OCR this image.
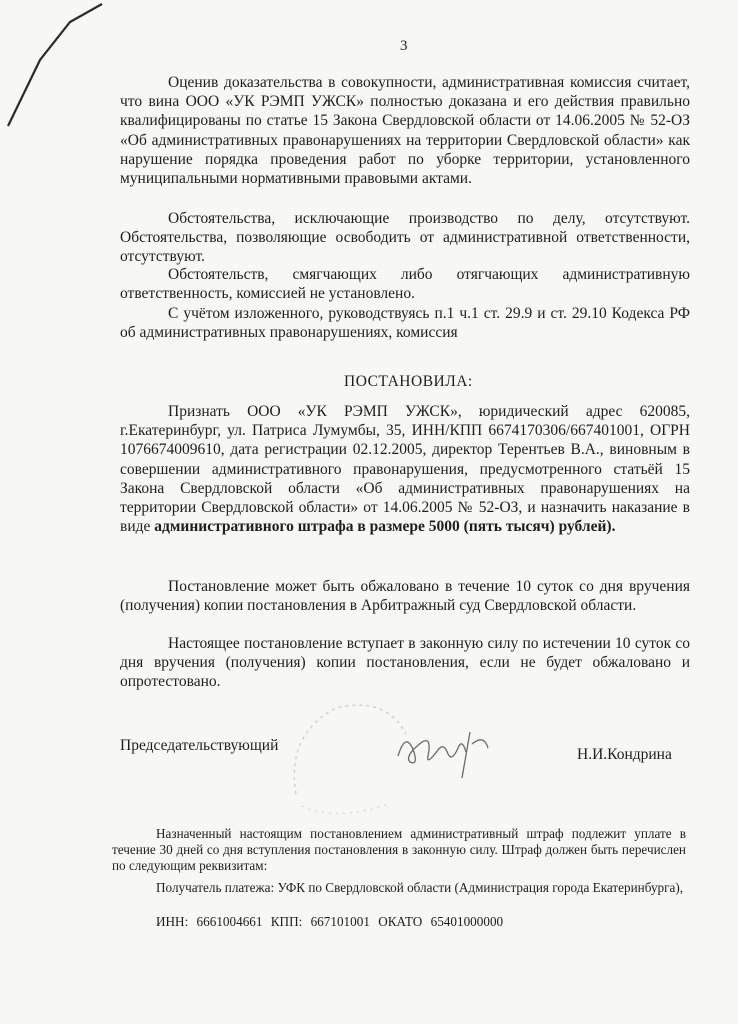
3
Оценив доказательства в совокупности, административная комиссия считает, что вина ООО «УК РЭМП УЖСК» полностью доказана и его действия правильно квалифицированы по статье 15 Закона Свердловской области от 14.06.2005 № 52-ОЗ «Об административных правонарушениях на территории Свердловской области» как нарушение порядка проведения работ по уборке территории, установленного муниципальными нормативными правовыми актами.
Обстоятельства, исключающие производство по делу, отсутствуют. Обстоятельства, позволяющие освободить от административной ответственности, отсутствуют.
Обстоятельств, смягчающих либо отягчающих административную ответственность, комиссией не установлено.
С учётом изложенного, руководствуясь п.1 ч.1 ст. 29.9 и ст. 29.10 Кодекса РФ об административных правонарушениях, комиссия
ПОСТАНОВИЛА:
Признать ООО «УК РЭМП УЖСК», юридический адрес 620085, г.Екатеринбург, ул. Патриса Лумумбы, 35, ИНН/КПП 6674170306/667401001, ОГРН 1076674009610, дата регистрации 02.12.2005, директор Терентьев В.А., виновным в совершении административного правонарушения, предусмотренного статьёй 15 Закона Свердловской области «Об административных правонарушениях на территории Свердловской области» от 14.06.2005 № 52-ОЗ, и назначить наказание в виде административного штрафа в размере 5000 (пять тысяч) рублей).
Постановление может быть обжаловано в течение 10 суток со дня вручения (получения) копии постановления в Арбитражный суд Свердловской области.
Настоящее постановление вступает в законную силу по истечении 10 суток со дня вручения (получения) копии постановления, если не будет обжаловано и опротестовано.
Председательствующий
Н.И.Кондрина
Назначенный настоящим постановлением административный штраф подлежит уплате в течение 30 дней со дня вступления постановления в законную силу. Штраф должен быть перечислен по следующим реквизитам:
Получатель платежа: УФК по Свердловской области (Администрация города Екатеринбурга),
ИНН: 6661004661 КПП: 667101001 ОКАТО 65401000000
